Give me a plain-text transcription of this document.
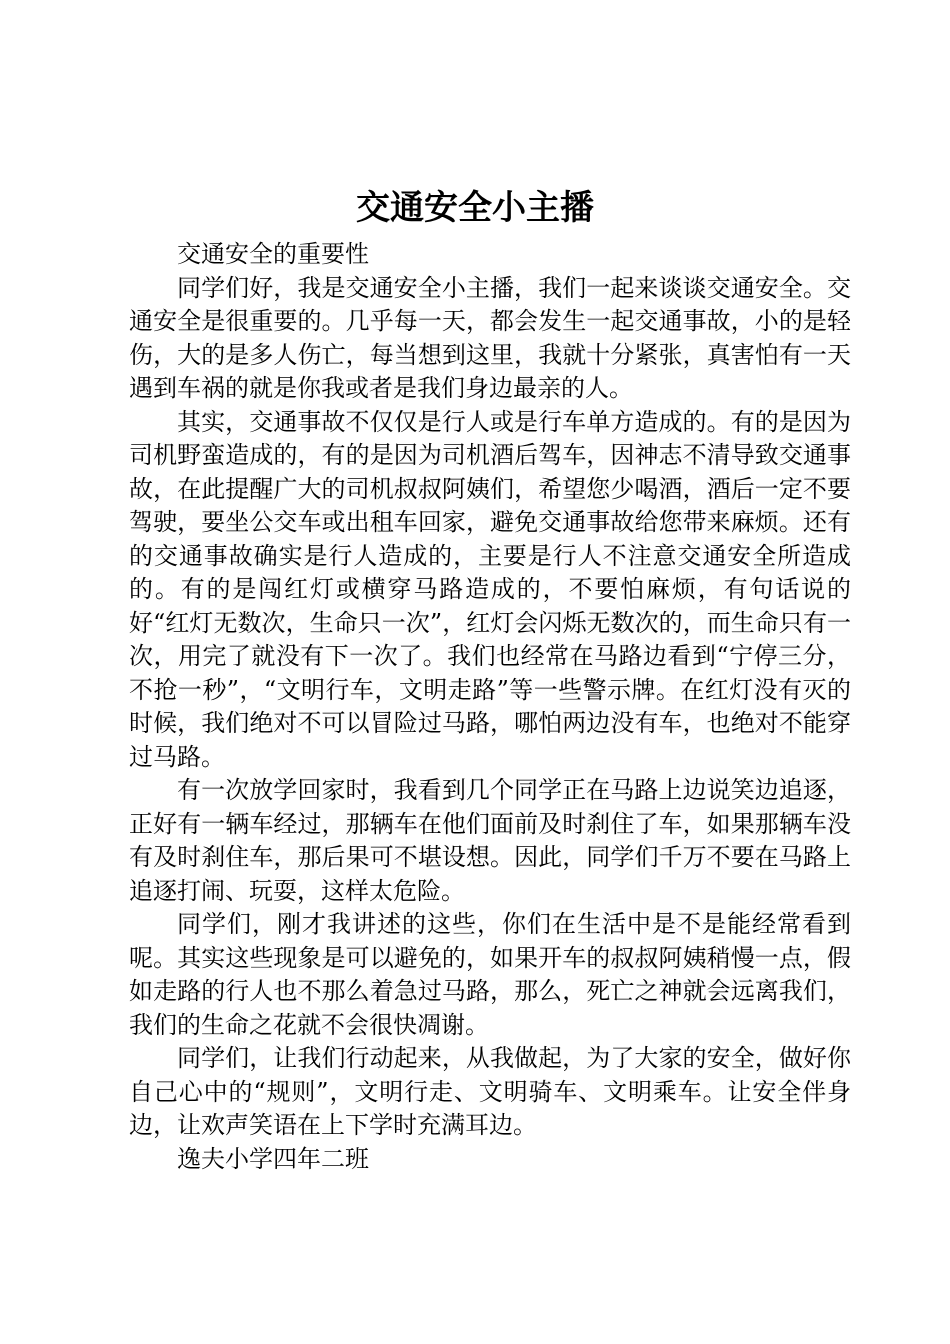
交通安全小主播

交通安全的重要性

同学们好，我是交通安全小主播，我们一起来谈谈交通安全。交通安全是很重要的。几乎每一天，都会发生一起交通事故，小的是轻伤，大的是多人伤亡，每当想到这里，我就十分紧张，真害怕有一天遇到车祸的就是你我或者是我们身边最亲的人。

其实，交通事故不仅仅是行人或是行车单方造成的。有的是因为司机野蛮造成的，有的是因为司机酒后驾车，因神志不清导致交通事故，在此提醒广大的司机叔叔阿姨们，希望您少喝酒，酒后一定不要驾驶，要坐公交车或出租车回家，避免交通事故给您带来麻烦。还有的交通事故确实是行人造成的，主要是行人不注意交通安全所造成的。有的是闯红灯或横穿马路造成的，不要怕麻烦，有句话说的好“红灯无数次，生命只一次”，红灯会闪烁无数次的，而生命只有一次，用完了就没有下一次了。我们也经常在马路边看到“宁停三分，不抢一秒”，“文明行车，文明走路”等一些警示牌。在红灯没有灭的时候，我们绝对不可以冒险过马路，哪怕两边没有车，也绝对不能穿过马路。

有一次放学回家时，我看到几个同学正在马路上边说笑边追逐，正好有一辆车经过，那辆车在他们面前及时刹住了车，如果那辆车没有及时刹住车，那后果可不堪设想。因此，同学们千万不要在马路上追逐打闹、玩耍，这样太危险。

同学们，刚才我讲述的这些，你们在生活中是不是能经常看到呢。其实这些现象是可以避免的，如果开车的叔叔阿姨稍慢一点，假如走路的行人也不那么着急过马路，那么，死亡之神就会远离我们，我们的生命之花就不会很快凋谢。

同学们，让我们行动起来，从我做起，为了大家的安全，做好你自己心中的“规则”，文明行走、文明骑车、文明乘车。让安全伴身边，让欢声笑语在上下学时充满耳边。

逸夫小学四年二班
